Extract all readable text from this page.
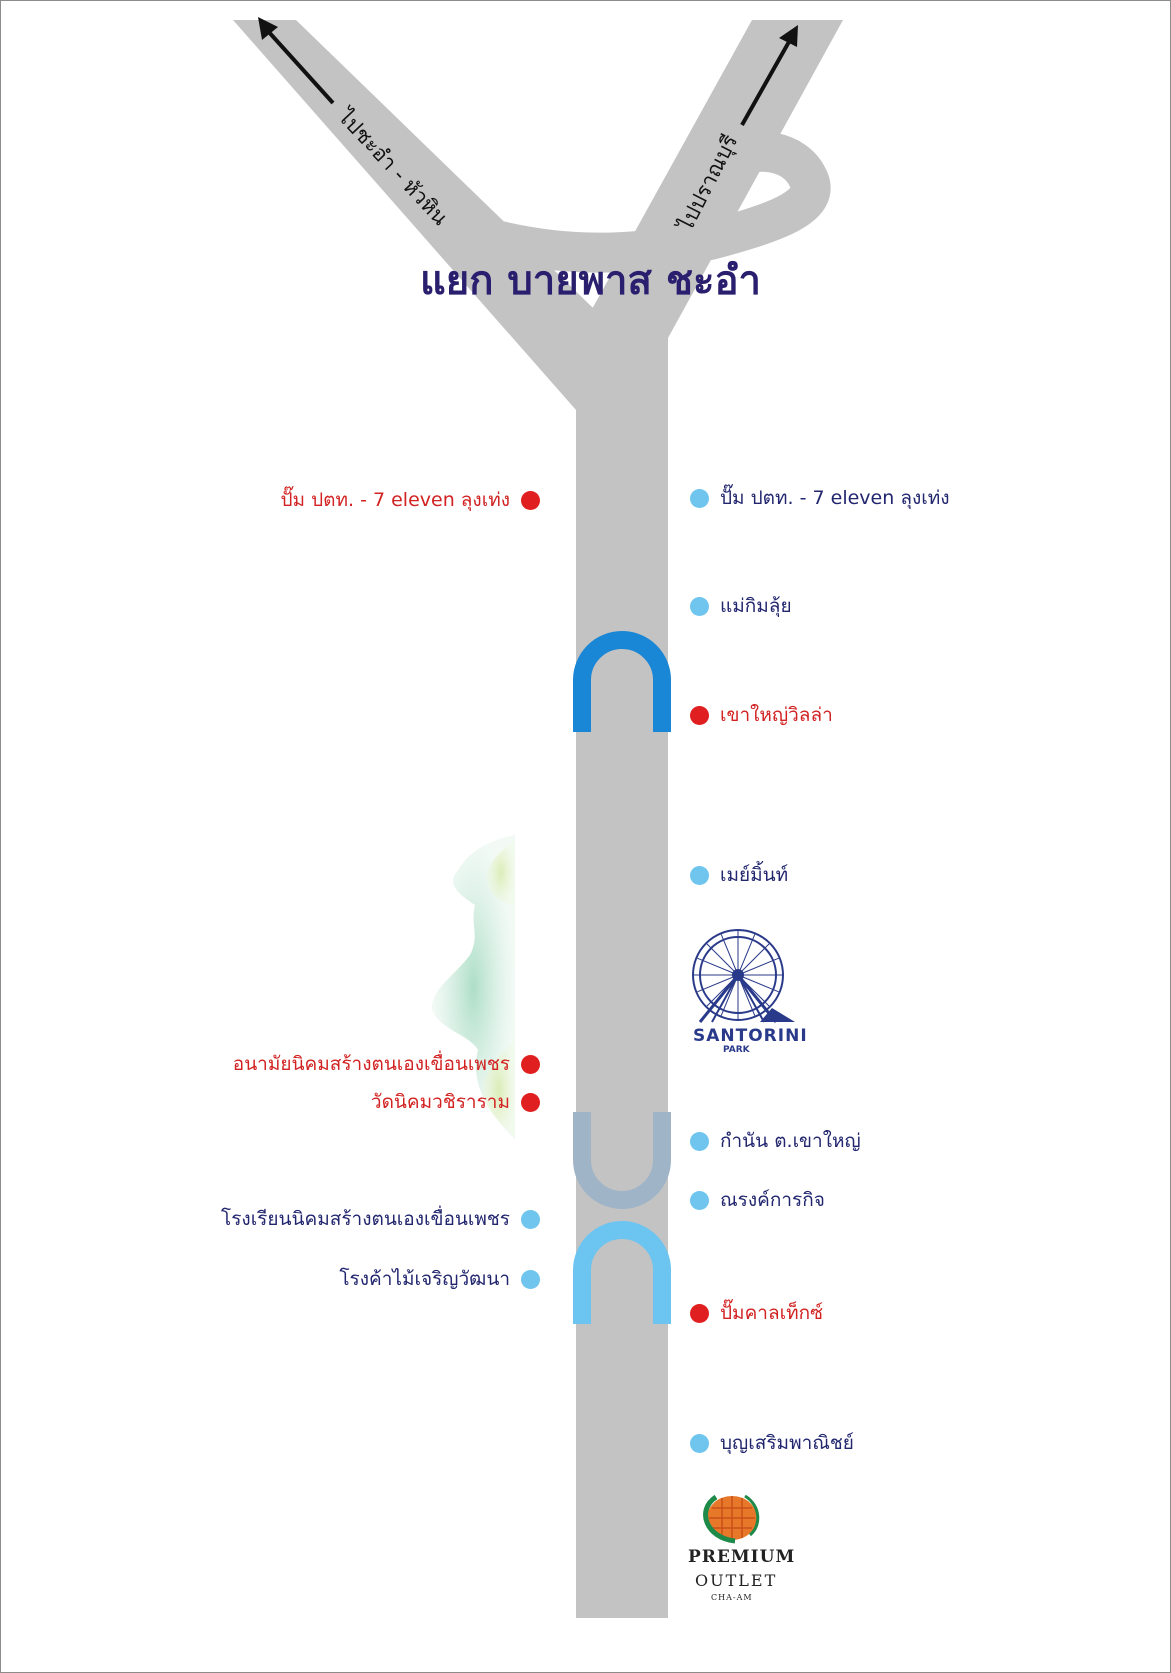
ไปชะอำ - หัวหิน	ไปปราณบุรี
แยก บายพาส ชะอำ
ปั๊ม ปตท. - 7 eleven ลุงเท่ง
อนามัยนิคมสร้างตนเองเขื่อนเพชร
วัดนิคมวชิราราม
โรงเรียนนิคมสร้างตนเองเขื่อนเพชร
โรงค้าไม้เจริญวัฒนา
ปั๊ม ปตท. - 7 eleven ลุงเท่ง
แม่กิมลุ้ย
เขาใหญ่วิลล่า
เมย์มิ้นท์
กำนัน ต.เขาใหญ่
ณรงค์การกิจ
ปั๊มคาลเท็กซ์
บุญเสริมพาณิชย์
SANTORINI
PARK
PREMIUM
OUTLET
CHA-AM
